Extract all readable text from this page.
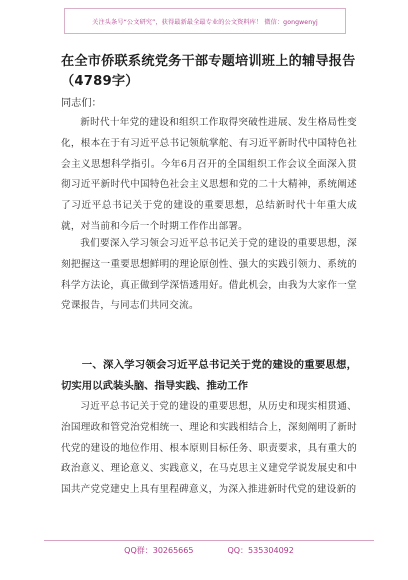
关注头条号“公文研究”，获得最新最全最专业的公文资料库！ 微信：gongwenyj
在全市侨联系统党务干部专题培训班上的辅导报告（4789字）
同志们：
新时代十年党的建设和组织工作取得突破性进展、发生格局性变化，根本在于有习近平总书记领航掌舵、有习近平新时代中国特色社会主义思想科学指引。今年6月召开的全国组织工作会议全面深入贯彻习近平新时代中国特色社会主义思想和党的二十大精神，系统阐述了习近平总书记关于党的建设的重要思想，总结新时代十年重大成就，对当前和今后一个时期工作作出部署。
我们要深入学习领会习近平总书记关于党的建设的重要思想，深刻把握这一重要思想鲜明的理论原创性、强大的实践引领力、系统的科学方法论，真正做到学深悟透用好。借此机会，由我为大家作一堂党课报告，与同志们共同交流。
一、深入学习领会习近平总书记关于党的建设的重要思想，切实用以武装头脑、指导实践、推动工作
习近平总书记关于党的建设的重要思想，从历史和现实相贯通、治国理政和管党治党相统一、理论和实践相结合上，深刻阐明了新时代党的建设的地位作用、根本原则目标任务、职责要求，具有重大的政治意义、理论意义、实践意义，在马克思主义建党学说发展史和中国共产党党建史上具有里程碑意义，为深入推进新时代党的建设新的
QQ群：30265665	QQ：535304092
